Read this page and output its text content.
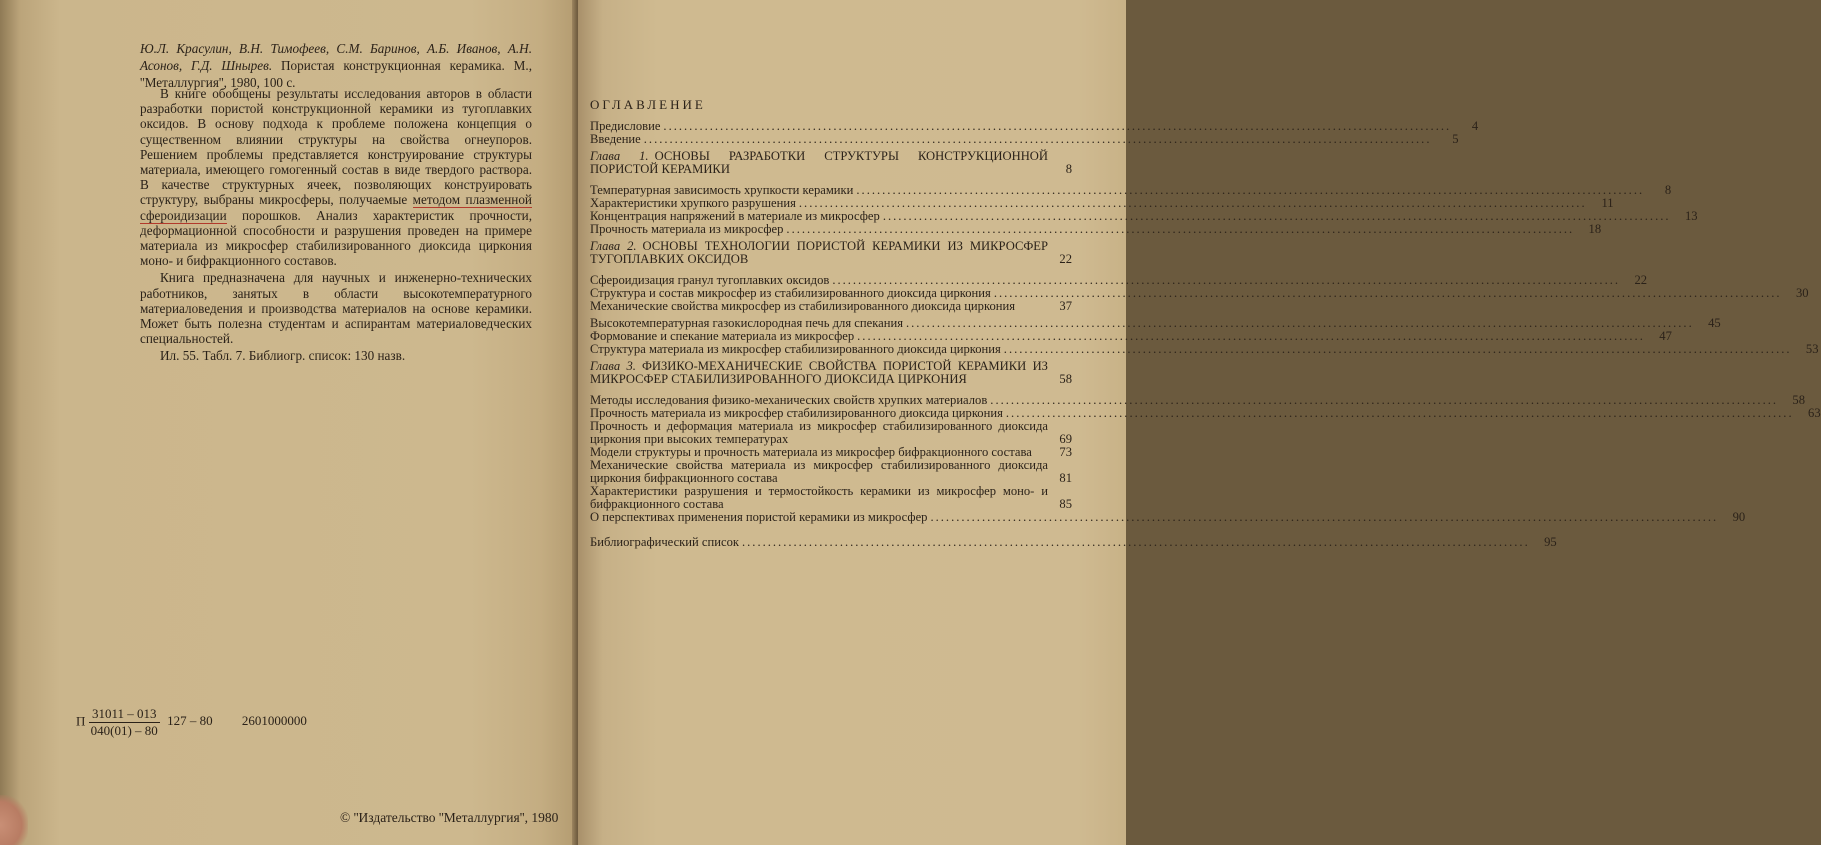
Ю.Л. Красулин, В.Н. Тимофеев, С.М. Баринов, А.Б. Иванов, А.Н. Асонов, Г.Д. Шнырев. Пористая конструкционная керамика. М., ''Металлургия'', 1980, 100 с.

В книге обобщены результаты исследования авторов в области разработки пористой конструкционной керамики из тугоплавких оксидов. В основу подхода к проблеме положена концепция о существенном влиянии структуры на свойства огнеупоров. Решением проблемы представляется конструирование структуры материала, имеющего гомогенный состав в виде твердого раствора. В качестве структурных ячеек, позволяющих конструировать структуру, выбраны микросферы, получаемые методом плазменной сфероидизации порошков. Анализ характеристик прочности, деформационной способности и разрушения проведен на примере материала из микросфер стабилизированного диоксида циркония моно- и бифракционного составов.

Книга предназначена для научных и инженерно-технических работников, занятых в области высокотемпературного материаловедения и производства материалов на основе керамики. Может быть полезна студентам и аспирантам материаловедческих специальностей.

Ил. 55. Табл. 7. Библиогр. список: 130 назв.

П $\frac{31011 - 013}{040(01) - 80} 127 - 80$ 2601000000
© ''Издательство ''Металлургия'', 1980
ОГЛАВЛЕНИЕ
Предисловие .........................................................................................................................................................	4
Введение .........................................................................................................................................................	5
Глава 1. ОСНОВЫ РАЗРАБОТКИ СТРУКТУРЫ КОНСТРУКЦИОННОЙ ПОРИСТОЙ КЕРАМИКИ	8
Температурная зависимость хрупкости керамики .........................................................................................................................................................	8
Характеристики хрупкого разрушения .........................................................................................................................................................	11
Концентрация напряжений в материале из микросфер .........................................................................................................................................................	13
Прочность материала из микросфер .........................................................................................................................................................	18
Глава 2. ОСНОВЫ ТЕХНОЛОГИИ ПОРИСТОЙ КЕРАМИКИ ИЗ МИКРОСФЕР ТУГОПЛАВКИХ ОКСИДОВ	22
Сфероидизация гранул тугоплавких оксидов .........................................................................................................................................................	22
Структура и состав микросфер из стабилизированного диоксида циркония .........................................................................................................................................................	30
Механические свойства микросфер из стабилизированного диоксида циркония	37
Высокотемпературная газокислородная печь для спекания .........................................................................................................................................................	45
Формование и спекание материала из микросфер .........................................................................................................................................................	47
Структура материала из микросфер стабилизированного диоксида циркония .........................................................................................................................................................	53
Глава 3. ФИЗИКО-МЕХАНИЧЕСКИЕ СВОЙСТВА ПОРИСТОЙ КЕРАМИКИ ИЗ МИКРОСФЕР СТАБИЛИЗИРОВАННОГО ДИОКСИДА ЦИРКОНИЯ	58
Методы исследования физико-механических свойств хрупких материалов .........................................................................................................................................................	58
Прочность материала из микросфер стабилизированного диоксида циркония .........................................................................................................................................................	63
Прочность и деформация материала из микросфер стабилизированного диоксида циркония при высоких температурах	69
Модели структуры и прочность материала из микросфер бифракционного состава	73
Механические свойства материала из микросфер стабилизированного диоксида циркония бифракционного состава	81
Характеристики разрушения и термостойкость керамики из микросфер моно- и бифракционного состава	85
О перспективах применения пористой керамики из микросфер .........................................................................................................................................................	90
Библиографический список .........................................................................................................................................................	95
